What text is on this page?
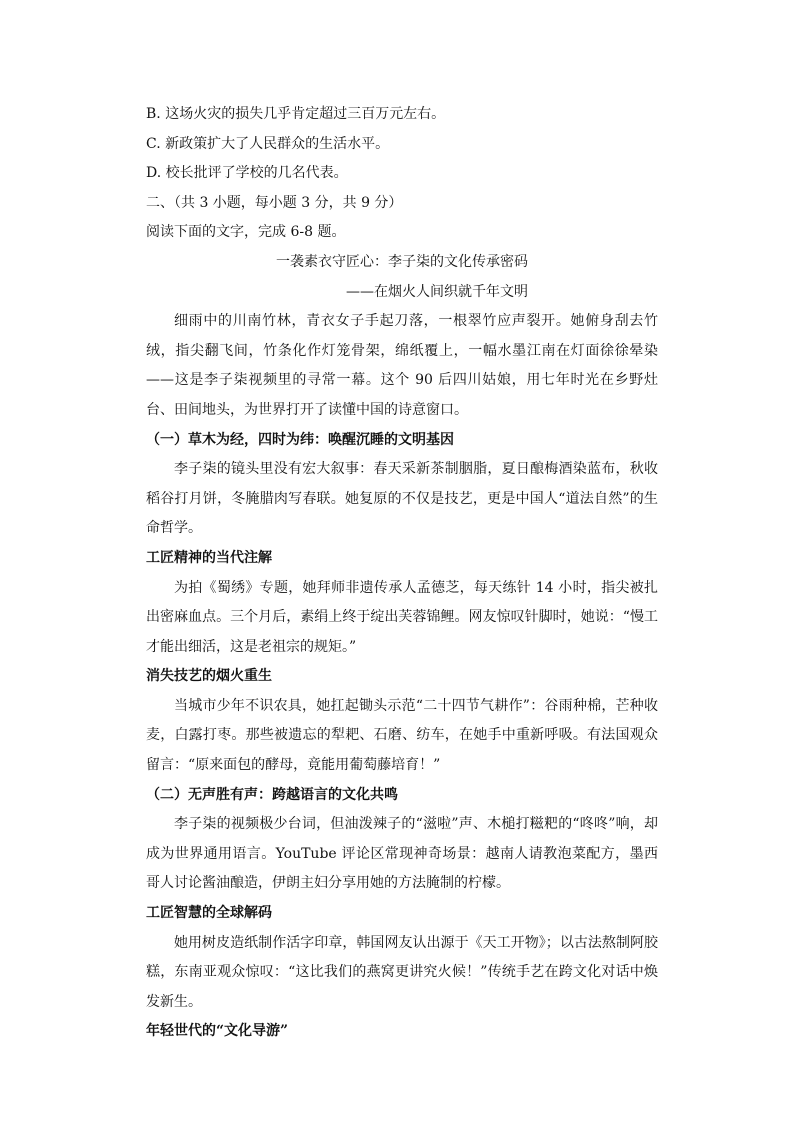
B. 这场火灾的损失几乎肯定超过三百万元左右。

C. 新政策扩大了人民群众的生活水平。

D. 校长批评了学校的几名代表。

二、（共 3 小题，每小题 3 分，共 9 分）

阅读下面的文字，完成 6-8 题。

一袭素衣守匠心：李子柒的文化传承密码

——在烟火人间织就千年文明

细雨中的川南竹林，青衣女子手起刀落，一根翠竹应声裂开。她俯身刮去竹绒，指尖翻飞间，竹条化作灯笼骨架，绵纸覆上，一幅水墨江南在灯面徐徐晕染——这是李子柒视频里的寻常一幕。这个 90 后四川姑娘，用七年时光在乡野灶台、田间地头，为世界打开了读懂中国的诗意窗口。

（一）草木为经，四时为纬：唤醒沉睡的文明基因

李子柒的镜头里没有宏大叙事：春天采新茶制胭脂，夏日酿梅酒染蓝布，秋收稻谷打月饼，冬腌腊肉写春联。她复原的不仅是技艺，更是中国人“道法自然”的生命哲学。

工匠精神的当代注解

为拍《蜀绣》专题，她拜师非遗传承人孟德芝，每天练针 14 小时，指尖被扎出密麻血点。三个月后，素绢上终于绽出芙蓉锦鲤。网友惊叹针脚时，她说：“慢工才能出细活，这是老祖宗的规矩。”

消失技艺的烟火重生

当城市少年不识农具，她扛起锄头示范“二十四节气耕作”：谷雨种棉，芒种收麦，白露打枣。那些被遗忘的犁耙、石磨、纺车，在她手中重新呼吸。有法国观众留言：“原来面包的酵母，竟能用葡萄藤培育！”

（二）无声胜有声：跨越语言的文化共鸣

李子柒的视频极少台词，但油泼辣子的“滋啦”声、木槌打糍粑的“咚咚”响，却成为世界通用语言。YouTube 评论区常现神奇场景：越南人请教泡菜配方，墨西哥人讨论酱油酿造，伊朗主妇分享用她的方法腌制的柠檬。

工匠智慧的全球解码

她用树皮造纸制作活字印章，韩国网友认出源于《天工开物》；以古法熬制阿胶糕，东南亚观众惊叹：“这比我们的燕窝更讲究火候！”传统手艺在跨文化对话中焕发新生。

年轻世代的“文化导游”
